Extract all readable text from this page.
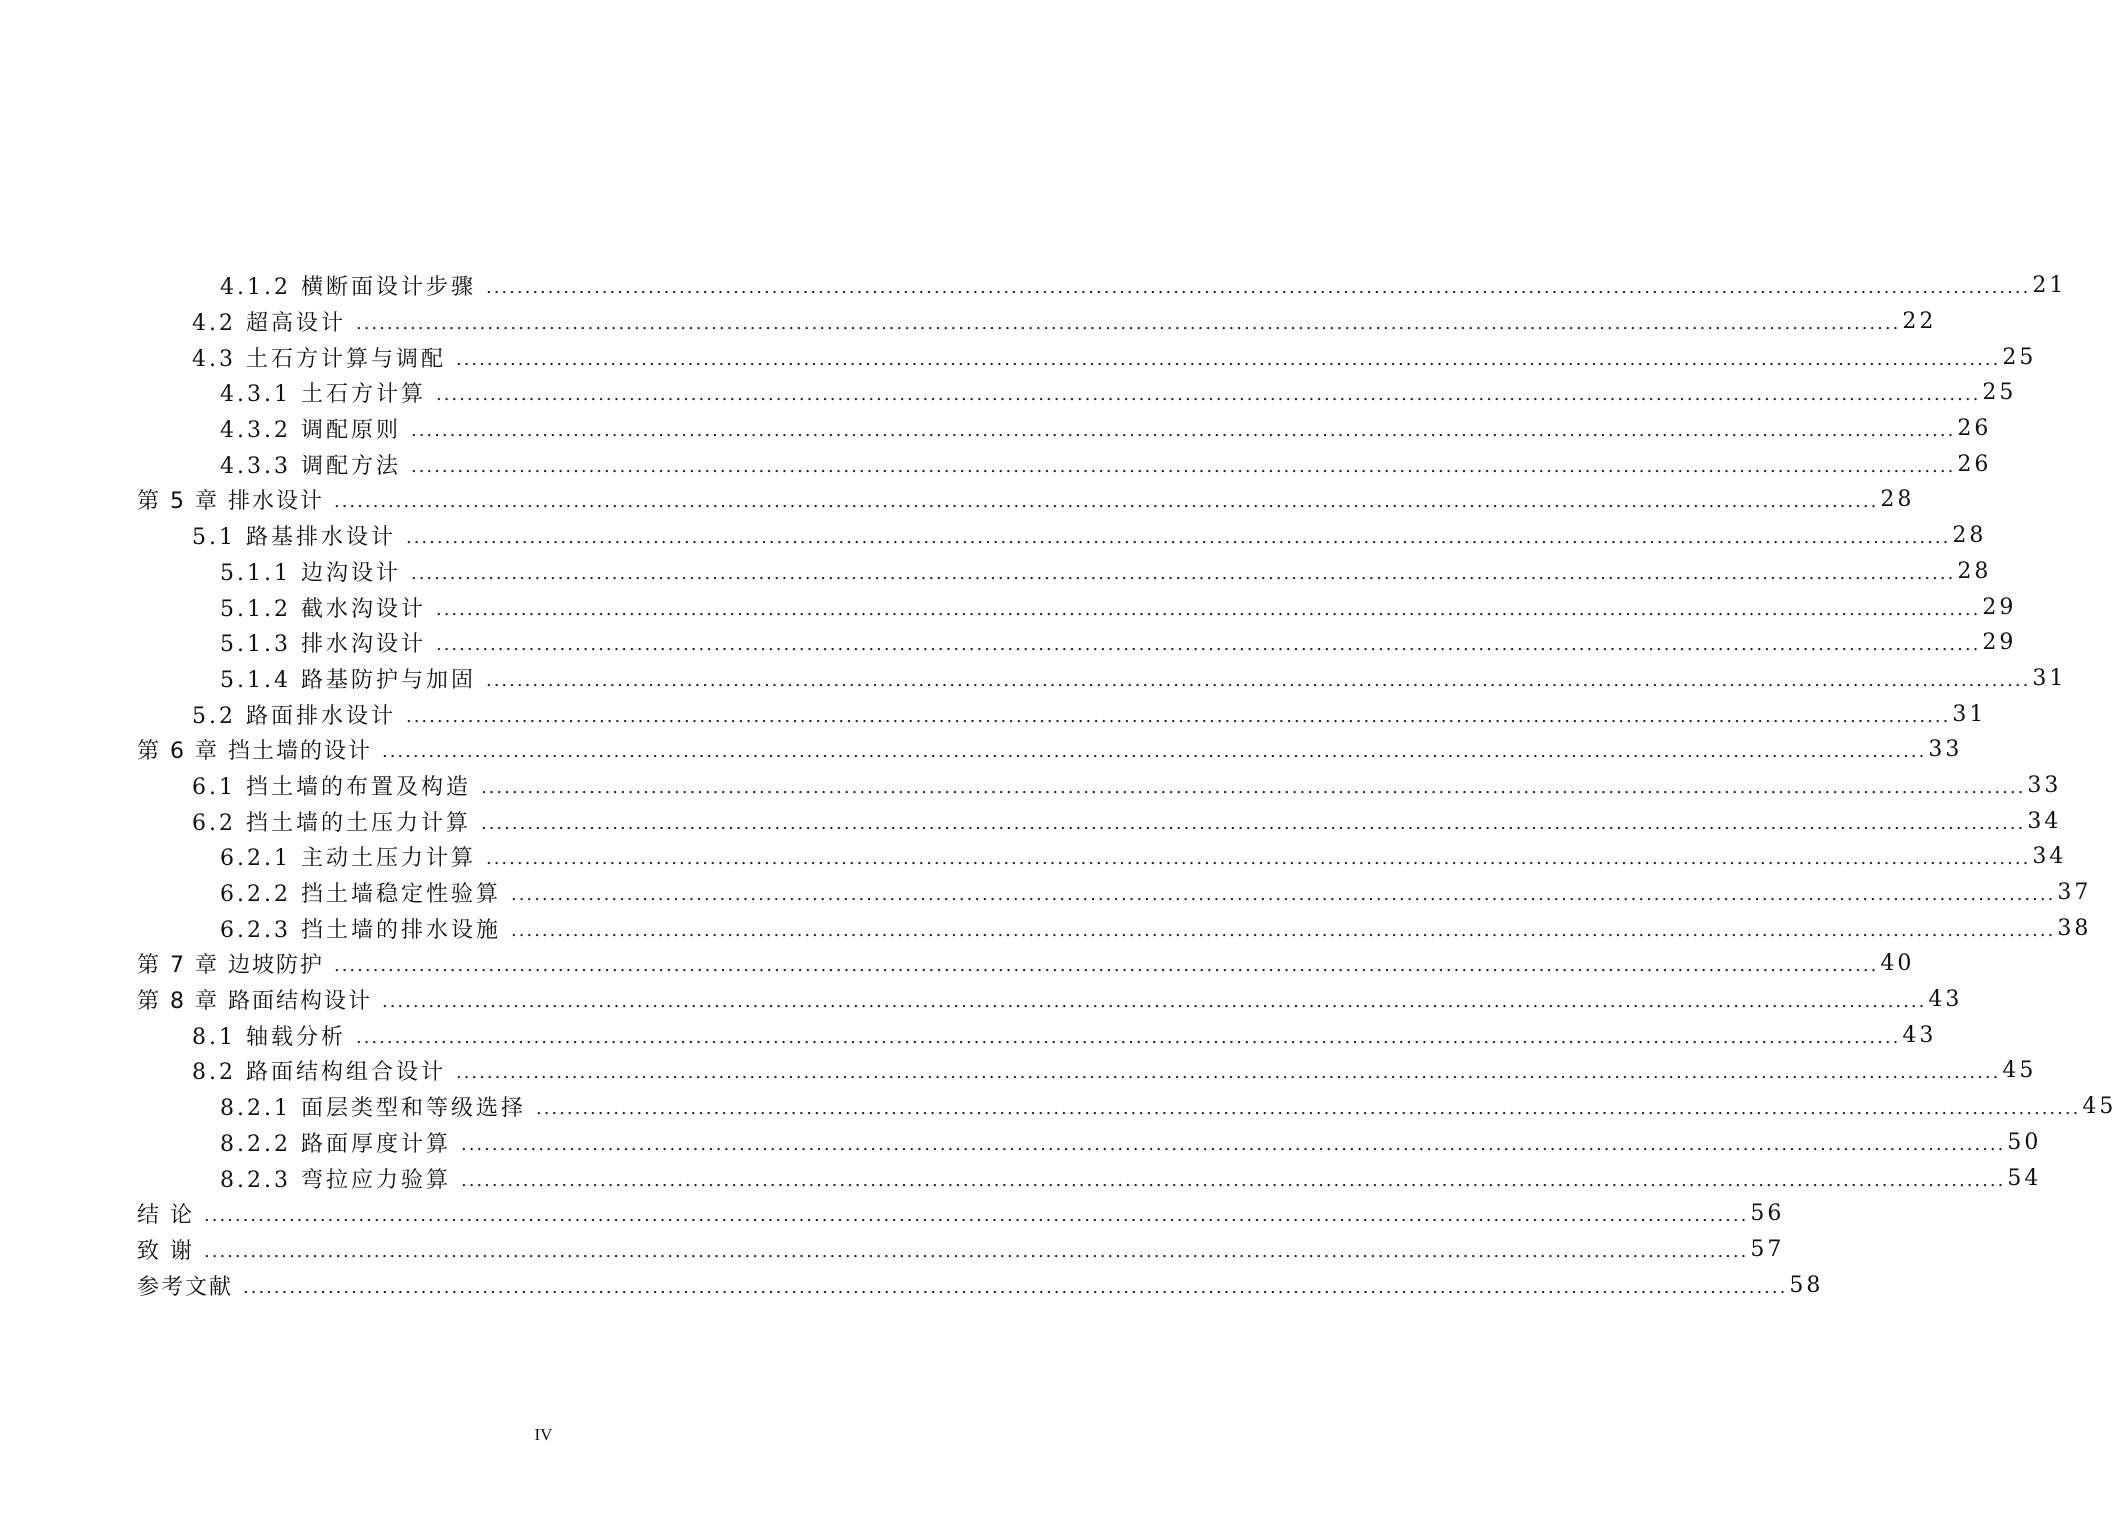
4.1.2 横断面设计步骤 ........................................................................................................................................................................................................ 21
4.2 超高设计 ........................................................................................................................................................................................................ 22
4.3 土石方计算与调配 ........................................................................................................................................................................................................ 25
4.3.1 土石方计算 ........................................................................................................................................................................................................ 25
4.3.2 调配原则 ........................................................................................................................................................................................................ 26
4.3.3 调配方法 ........................................................................................................................................................................................................ 26
第 5 章 排水设计 ........................................................................................................................................................................................................ 28
5.1 路基排水设计 ........................................................................................................................................................................................................ 28
5.1.1 边沟设计 ........................................................................................................................................................................................................ 28
5.1.2 截水沟设计 ........................................................................................................................................................................................................ 29
5.1.3 排水沟设计 ........................................................................................................................................................................................................ 29
5.1.4 路基防护与加固 ........................................................................................................................................................................................................ 31
5.2 路面排水设计 ........................................................................................................................................................................................................ 31
第 6 章 挡土墙的设计 ........................................................................................................................................................................................................ 33
6.1 挡土墙的布置及构造 ........................................................................................................................................................................................................ 33
6.2 挡土墙的土压力计算 ........................................................................................................................................................................................................ 34
6.2.1 主动土压力计算 ........................................................................................................................................................................................................ 34
6.2.2 挡土墙稳定性验算 ........................................................................................................................................................................................................ 37
6.2.3 挡土墙的排水设施 ........................................................................................................................................................................................................ 38
第 7 章 边坡防护 ........................................................................................................................................................................................................ 40
第 8 章 路面结构设计 ........................................................................................................................................................................................................ 43
8.1 轴载分析 ........................................................................................................................................................................................................ 43
8.2 路面结构组合设计 ........................................................................................................................................................................................................ 45
8.2.1 面层类型和等级选择 ........................................................................................................................................................................................................ 45
8.2.2 路面厚度计算 ........................................................................................................................................................................................................ 50
8.2.3 弯拉应力验算 ........................................................................................................................................................................................................ 54
结 论 ........................................................................................................................................................................................................ 56
致 谢 ........................................................................................................................................................................................................ 57
参考文献 ........................................................................................................................................................................................................ 58
IV
